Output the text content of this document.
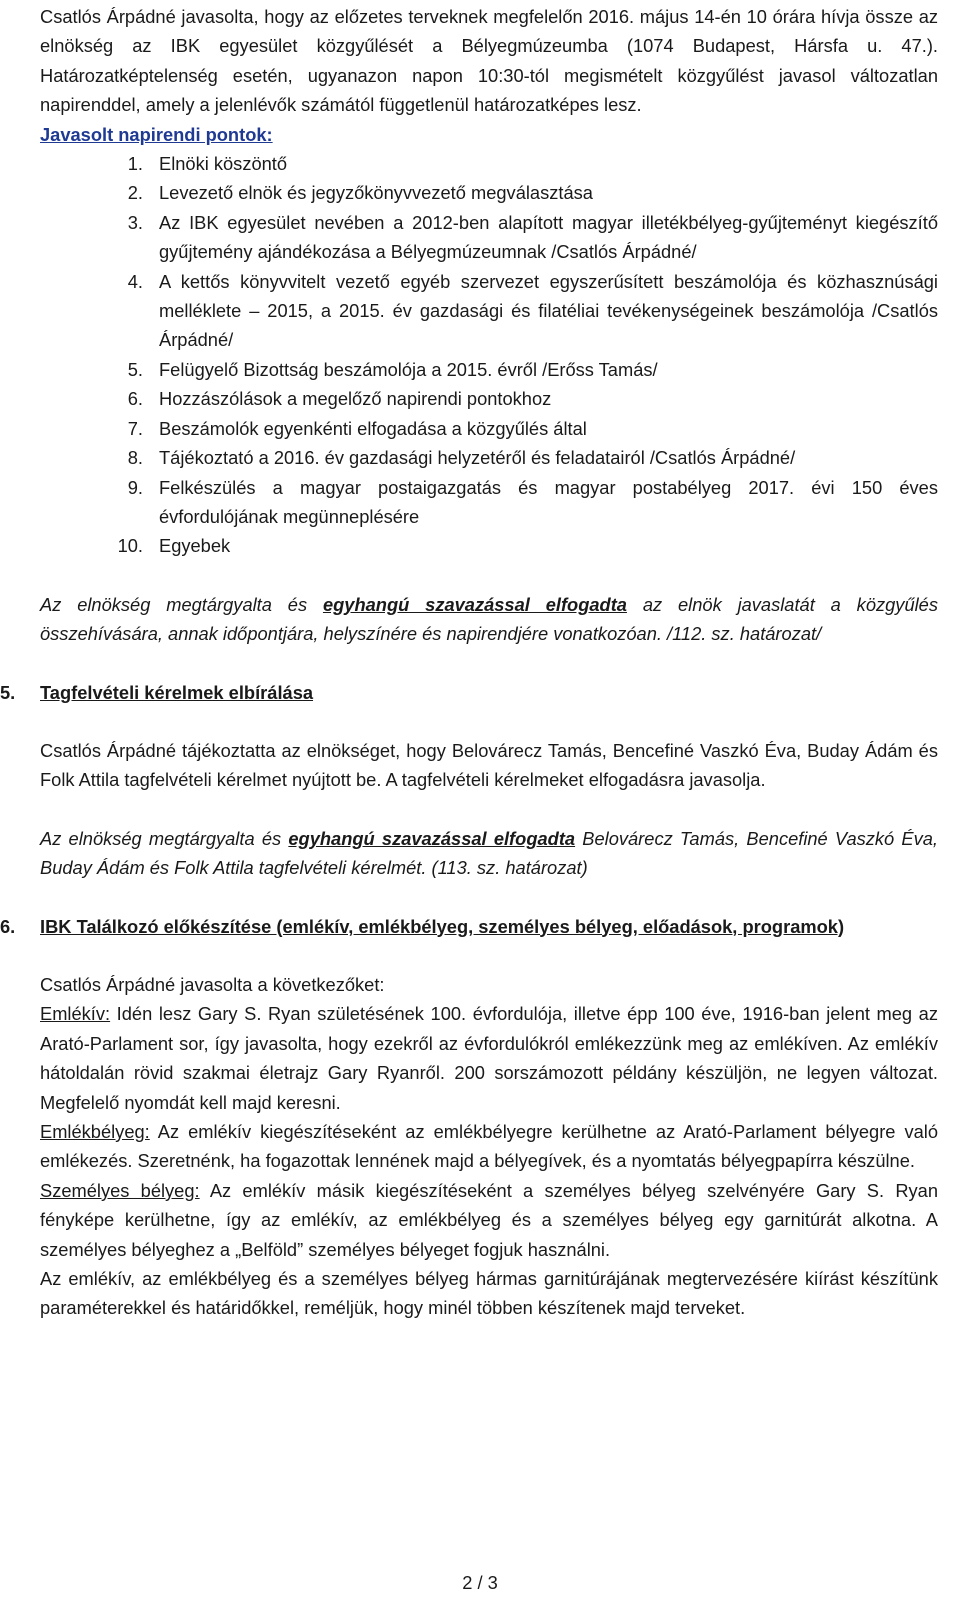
Csatlós Árpádné javasolta, hogy az előzetes terveknek megfelelőn 2016. május 14-én 10 órára hívja össze az elnökség az IBK egyesület közgyűlését a Bélyegmúzeumba (1074 Budapest, Hársfa u. 47.). Határozatképtelenség esetén, ugyanazon napon 10:30-tól megismételt közgyűlést javasol változatlan napirenddel, amely a jelenlévők számától függetlenül határozatképes lesz.

Javasolt napirendi pontok:
1. Elnöki köszöntő
2. Levezető elnök és jegyzőkönyvvezető megválasztása
3. Az IBK egyesület nevében a 2012-ben alapított magyar illetékbélyeg-gyűjteményt kiegészítő gyűjtemény ajándékozása a Bélyegmúzeumnak /Csatlós Árpádné/
4. A kettős könyvvitelt vezető egyéb szervezet egyszerűsített beszámolója és közhasznúsági melléklete – 2015, a 2015. év gazdasági és filatéliai tevékenységeinek beszámolója /Csatlós Árpádné/
5. Felügyelő Bizottság beszámolója a 2015. évről /Erőss Tamás/
6. Hozzászólások a megelőző napirendi pontokhoz
7. Beszámolók egyenkénti elfogadása a közgyűlés által
8. Tájékoztató a 2016. év gazdasági helyzetéről és feladatairól /Csatlós Árpádné/
9. Felkészülés a magyar postaigazgatás és magyar postabélyeg 2017. évi 150 éves évfordulójának megünneplésére
10. Egyebek

Az elnökség megtárgyalta és egyhangú szavazással elfogadta az elnök javaslatát a közgyűlés összehívására, annak időpontjára, helyszínére és napirendjére vonatkozóan. /112. sz. határozat/

5.	Tagfelvételi kérelmek elbírálása

Csatlós Árpádné tájékoztatta az elnökséget, hogy Belovárecz Tamás, Bencefiné Vaszkó Éva, Buday Ádám és Folk Attila tagfelvételi kérelmet nyújtott be. A tagfelvételi kérelmeket elfogadásra javasolja.

Az elnökség megtárgyalta és egyhangú szavazással elfogadta Belovárecz Tamás, Bencefiné Vaszkó Éva, Buday Ádám és Folk Attila tagfelvételi kérelmét. (113. sz. határozat)

6.	IBK Találkozó előkészítése (emlékív, emlékbélyeg, személyes bélyeg, előadások, programok)

Csatlós Árpádné javasolta a következőket:

Emlékív: Idén lesz Gary S. Ryan születésének 100. évfordulója, illetve épp 100 éve, 1916-ban jelent meg az Arató-Parlament sor, így javasolta, hogy ezekről az évfordulókról emlékezzünk meg az emlékíven. Az emlékív hátoldalán rövid szakmai életrajz Gary Ryanről. 200 sorszámozott példány készüljön, ne legyen változat. Megfelelő nyomdát kell majd keresni.

Emlékbélyeg: Az emlékív kiegészítéseként az emlékbélyegre kerülhetne az Arató-Parlament bélyegre való emlékezés. Szeretnénk, ha fogazottak lennének majd a bélyegívek, és a nyomtatás bélyegpapírra készülne.

Személyes bélyeg: Az emlékív másik kiegészítéseként a személyes bélyeg szelvényére Gary S. Ryan fényképe kerülhetne, így az emlékív, az emlékbélyeg és a személyes bélyeg egy garnitúrát alkotna. A személyes bélyeghez a „Belföld” személyes bélyeget fogjuk használni.

Az emlékív, az emlékbélyeg és a személyes bélyeg hármas garnitúrájának megtervezésére kiírást készítünk paraméterekkel és határidőkkel, reméljük, hogy minél többen készítenek majd terveket.

2 / 3
